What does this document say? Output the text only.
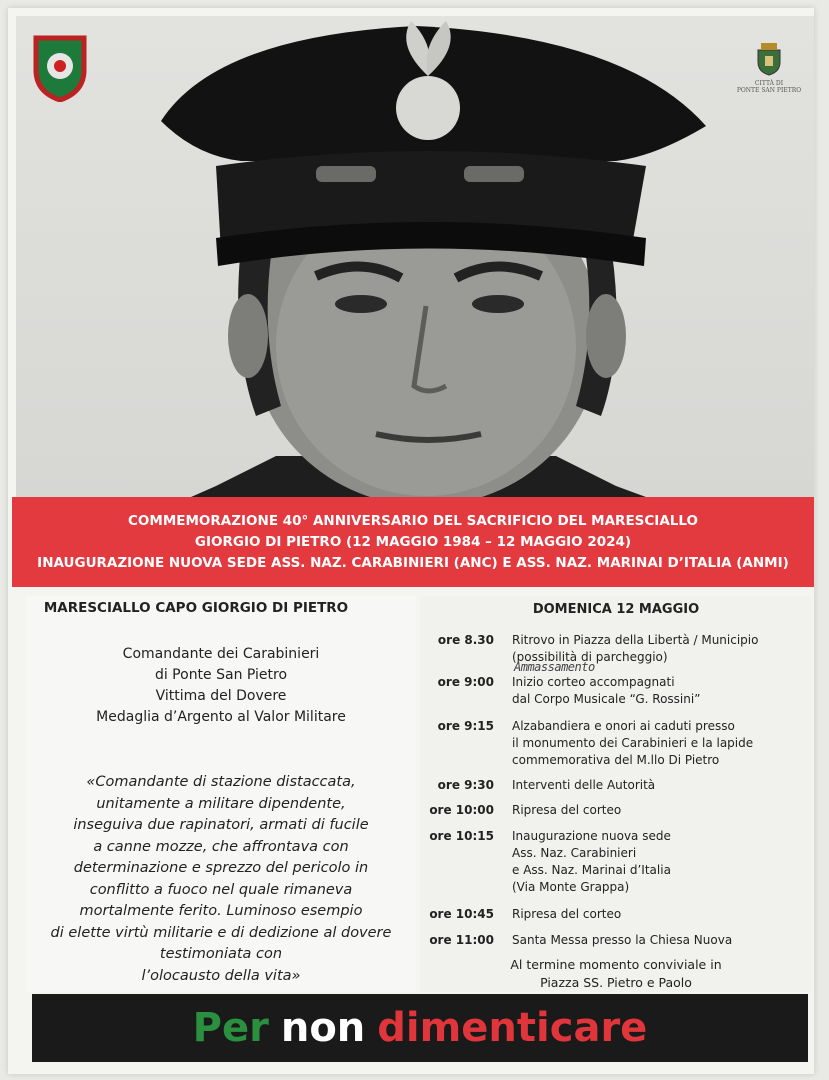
CITTÀ DI
PONTE SAN PIETRO
COMMEMORAZIONE 40° ANNIVERSARIO DEL SACRIFICIO DEL MARESCIALLO
GIORGIO DI PIETRO (12 MAGGIO 1984 – 12 MAGGIO 2024)
INAUGURAZIONE NUOVA SEDE ASS. NAZ. CARABINIERI (ANC) E ASS. NAZ. MARINAI D’ITALIA (ANMI)
MARESCIALLO CAPO GIORGIO DI PIETRO
Comandante dei Carabinieri
di Ponte San Pietro
Vittima del Dovere
Medaglia d’Argento al Valor Militare
«Comandante di stazione distaccata,
unitamente a militare dipendente,
inseguiva due rapinatori, armati di fucile
a canne mozze, che affrontava con
determinazione e sprezzo del pericolo in
conflitto a fuoco nel quale rimaneva
mortalmente ferito. Luminoso esempio
di elette virtù militarie e di dedizione al dovere
testimoniata con
l’olocausto della vita»
DOMENICA 12 MAGGIO
ore 8.30 Ritrovo in Piazza della Libertà / Municipio
(possibilità di parcheggio)
ore 9:00 Inizio corteo accompagnati
dal Corpo Musicale “G. Rossini”
ore 9:15 Alzabandiera e onori ai caduti presso
il monumento dei Carabinieri e la lapide
commemorativa del M.llo Di Pietro
ore 9:30 Interventi delle Autorità
ore 10:00 Ripresa del corteo
ore 10:15 Inaugurazione nuova sede
Ass. Naz. Carabinieri
e Ass. Naz. Marinai d’Italia
(Via Monte Grappa)
ore 10:45 Ripresa del corteo
ore 11:00 Santa Messa presso la Chiesa Nuova
Al termine momento conviviale in
Piazza SS. Pietro e Paolo
Ammassamento
Per non dimenticare
